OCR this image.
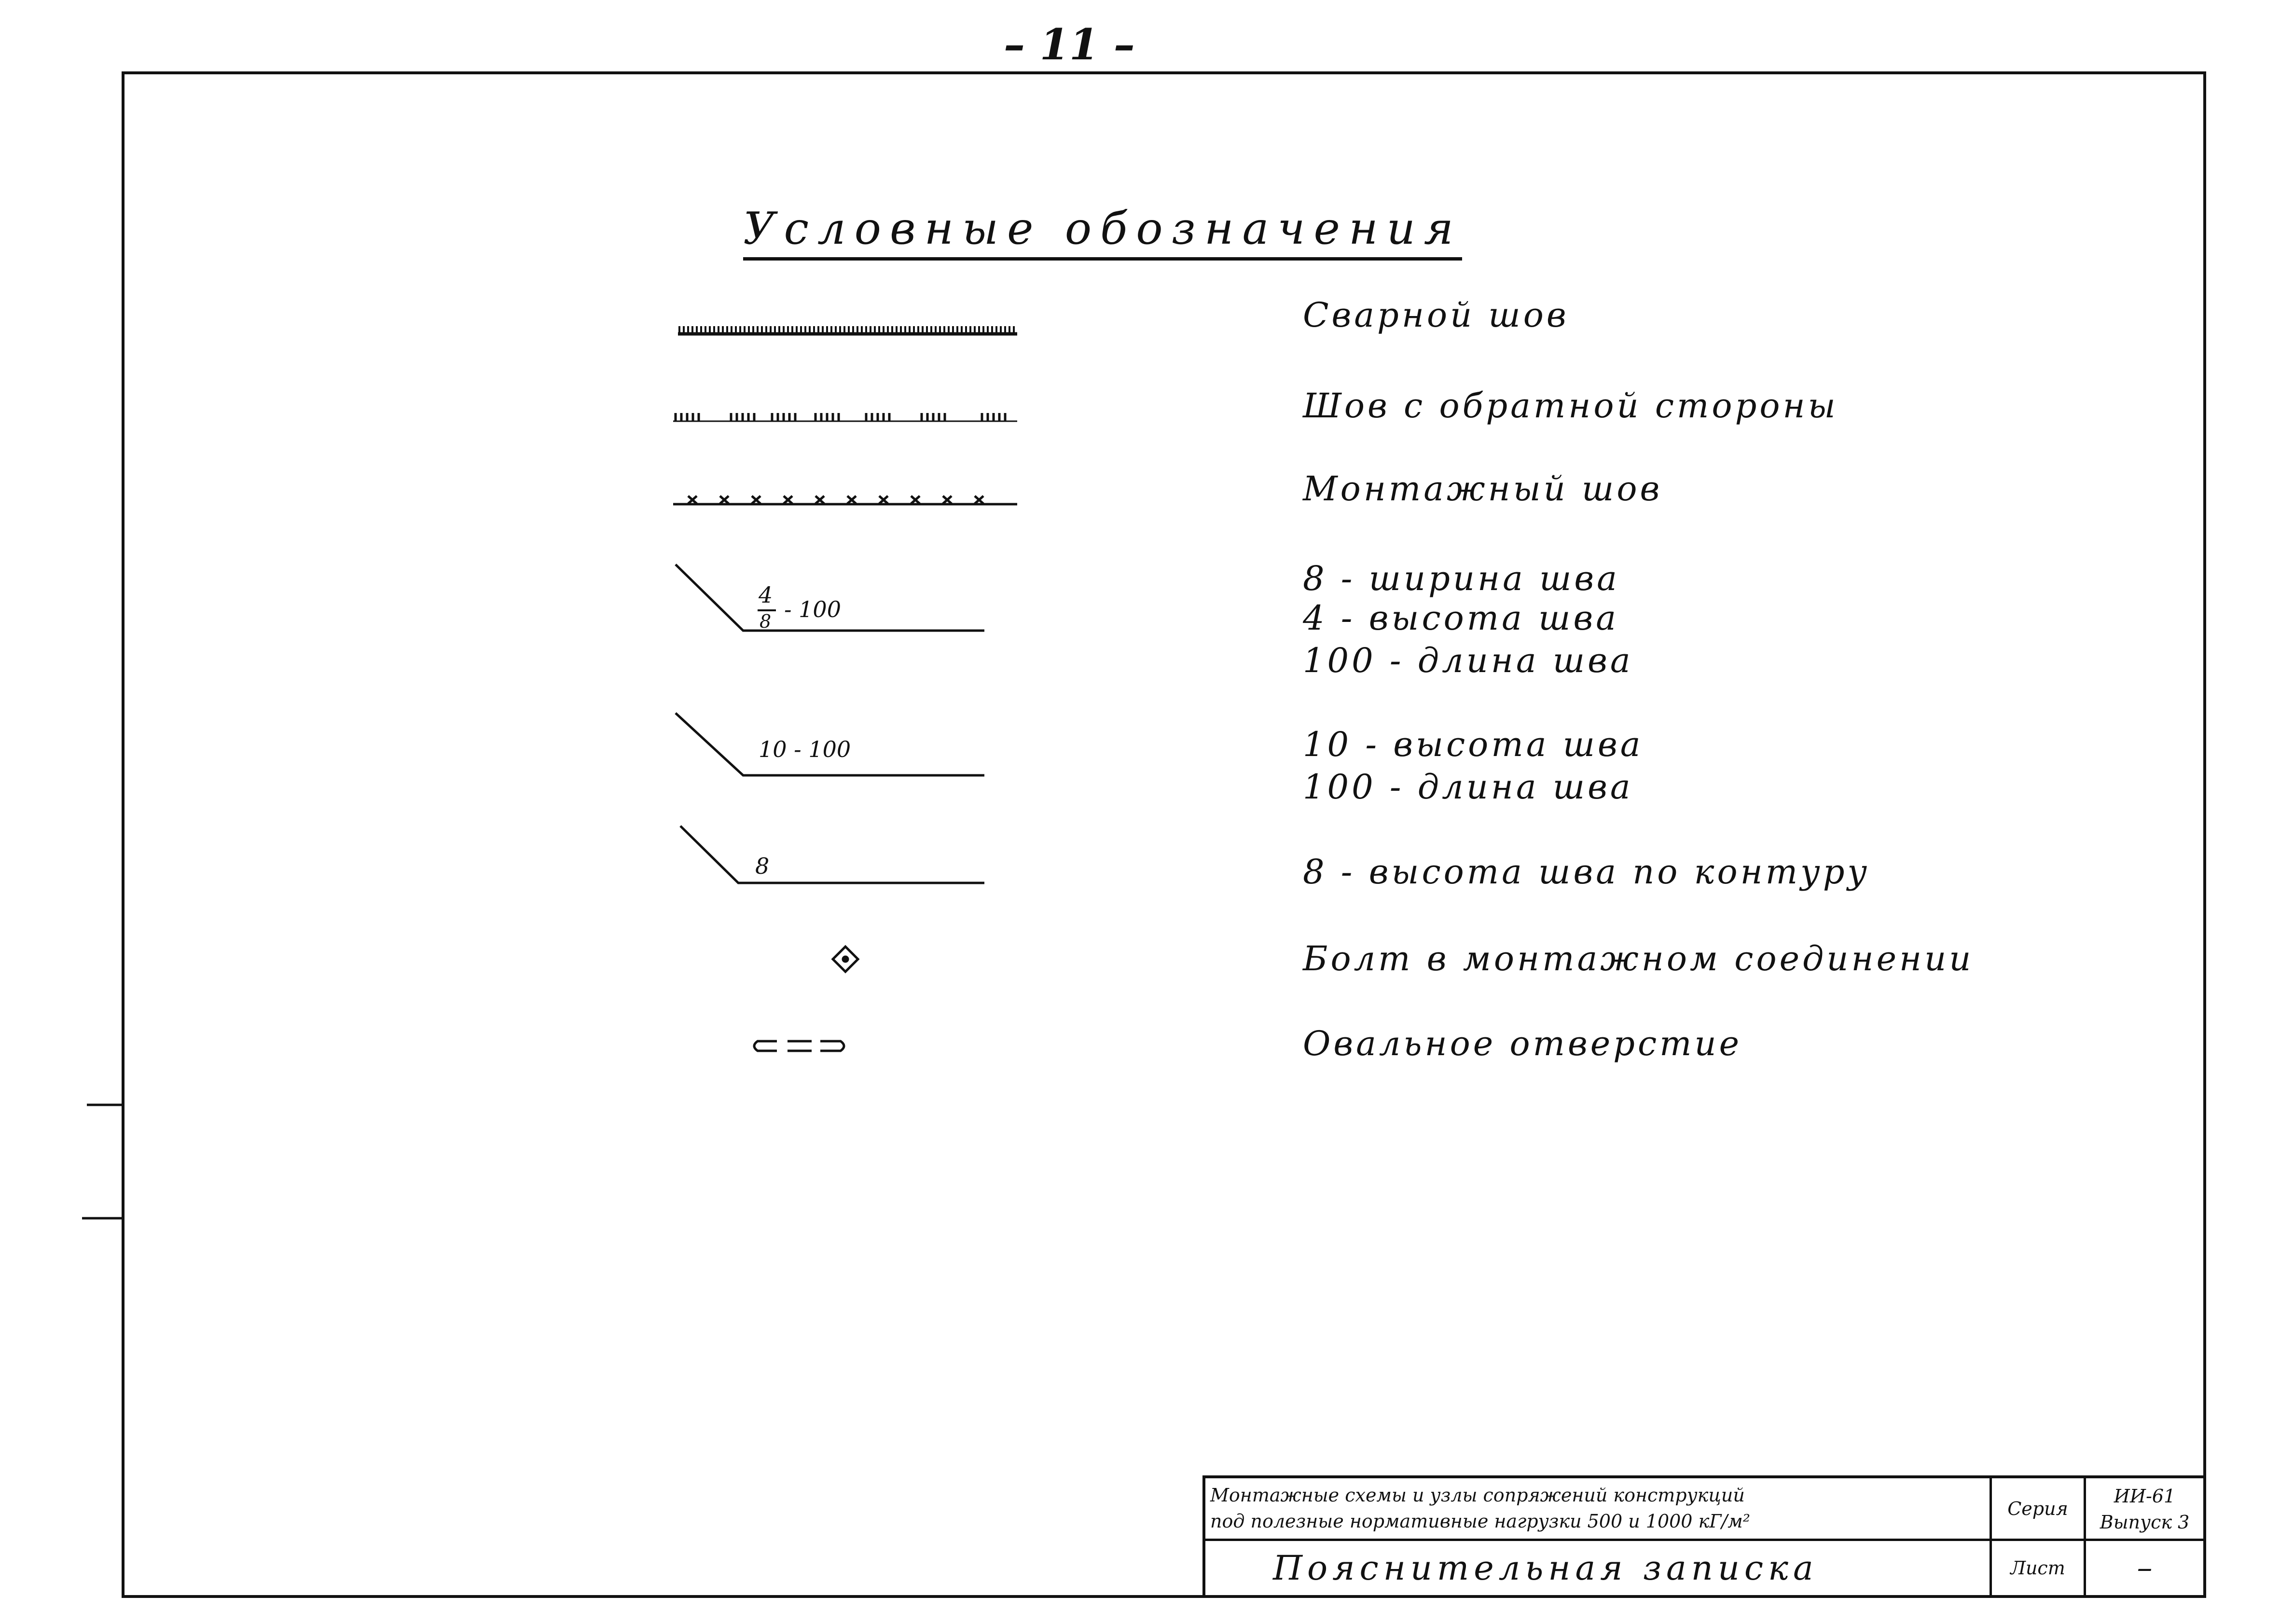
– 11 –
Условные обозначения
4
8 - 100
10 - 100
8
Сварной шов
Шов с обратной стороны
Монтажный шов
8 - ширина шва
4 - высота шва
100 - длина шва
10 - высота шва
100 - длина шва
8 - высота шва по контуру
Болт в монтажном соединении
Овальное отверстие
Монтажные схемы и узлы сопряжений конструкций
под полезные нормативные нагрузки 500 и 1000 кГ/м²
Серия
ИИ-61
Выпуск 3
Пояснительная записка	Лист	–
